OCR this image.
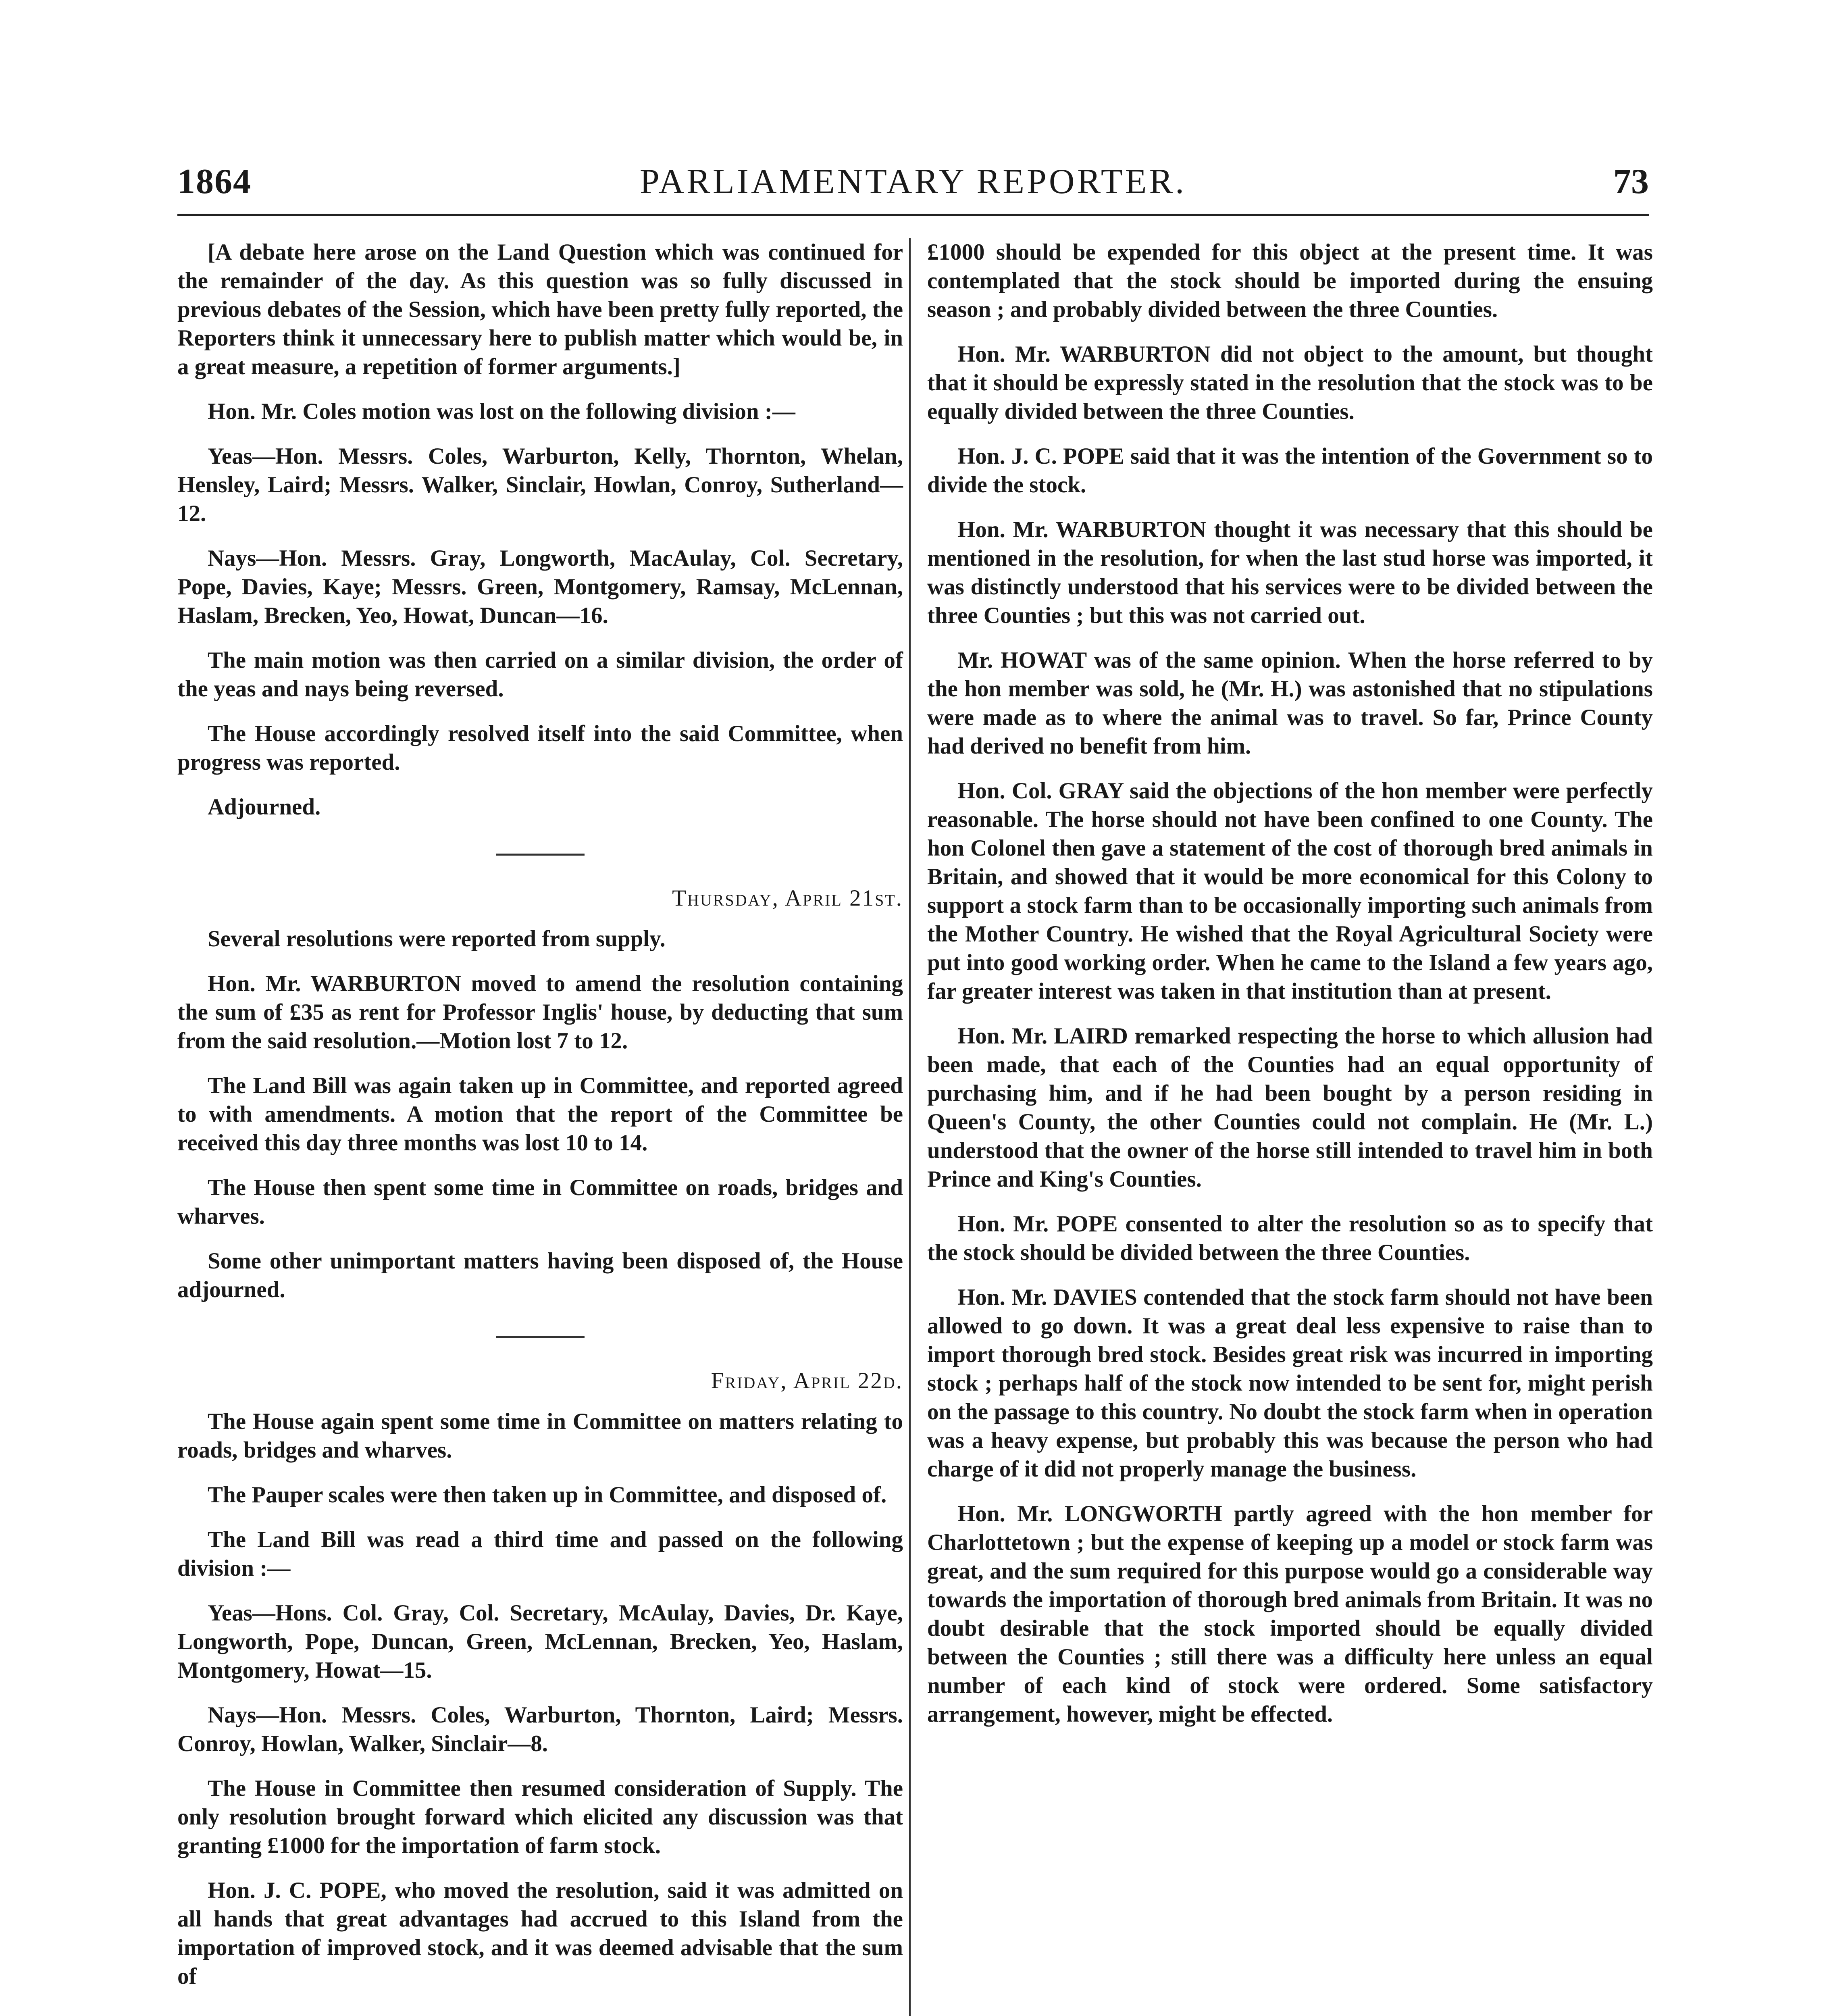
1864	PARLIAMENTARY REPORTER.	73

[A debate here arose on the Land Question which was continued for the remainder of the day. As this question was so fully discussed in previous debates of the Session, which have been pretty fully reported, the Reporters think it unnecessary here to publish matter which would be, in a great measure, a repetition of former arguments.]

Hon. Mr. Coles motion was lost on the following division :—

Yeas—Hon. Messrs. Coles, Warburton, Kelly, Thornton, Whelan, Hensley, Laird; Messrs. Walker, Sinclair, Howlan, Conroy, Sutherland—12.

Nays—Hon. Messrs. Gray, Longworth, MacAulay, Col. Secretary, Pope, Davies, Kaye; Messrs. Green, Montgomery, Ramsay, McLennan, Haslam, Brecken, Yeo, Howat, Duncan—16.

The main motion was then carried on a similar division, the order of the yeas and nays being reversed.

The House accordingly resolved itself into the said Committee, when progress was reported.

Adjourned.

Thursday, April 21st.

Several resolutions were reported from supply.

Hon. Mr. WARBURTON moved to amend the resolution containing the sum of £35 as rent for Professor Inglis' house, by deducting that sum from the said resolution.—Motion lost 7 to 12.

The Land Bill was again taken up in Committee, and reported agreed to with amendments. A motion that the report of the Committee be received this day three months was lost 10 to 14.

The House then spent some time in Committee on roads, bridges and wharves.

Some other unimportant matters having been disposed of, the House adjourned.

Friday, April 22d.

The House again spent some time in Committee on matters relating to roads, bridges and wharves.

The Pauper scales were then taken up in Committee, and disposed of.

The Land Bill was read a third time and passed on the following division :—

Yeas—Hons. Col. Gray, Col. Secretary, McAulay, Davies, Dr. Kaye, Longworth, Pope, Duncan, Green, McLennan, Brecken, Yeo, Haslam, Montgomery, Howat—15.

Nays—Hon. Messrs. Coles, Warburton, Thornton, Laird; Messrs. Conroy, Howlan, Walker, Sinclair—8.

The House in Committee then resumed consideration of Supply. The only resolution brought forward which elicited any discussion was that granting £1000 for the importation of farm stock.

Hon. J. C. POPE, who moved the resolution, said it was admitted on all hands that great advantages had accrued to this Island from the importation of improved stock, and it was deemed advisable that the sum of

£1000 should be expended for this object at the present time. It was contemplated that the stock should be imported during the ensuing season ; and probably divided between the three Counties.

Hon. Mr. WARBURTON did not object to the amount, but thought that it should be expressly stated in the resolution that the stock was to be equally divided between the three Counties.

Hon. J. C. POPE said that it was the intention of the Government so to divide the stock.

Hon. Mr. WARBURTON thought it was necessary that this should be mentioned in the resolution, for when the last stud horse was imported, it was distinctly understood that his services were to be divided between the three Counties ; but this was not carried out.

Mr. HOWAT was of the same opinion. When the horse referred to by the hon member was sold, he (Mr. H.) was astonished that no stipulations were made as to where the animal was to travel. So far, Prince County had derived no benefit from him.

Hon. Col. GRAY said the objections of the hon member were perfectly reasonable. The horse should not have been confined to one County. The hon Colonel then gave a statement of the cost of thorough bred animals in Britain, and showed that it would be more economical for this Colony to support a stock farm than to be occasionally importing such animals from the Mother Country. He wished that the Royal Agricultural Society were put into good working order. When he came to the Island a few years ago, far greater interest was taken in that institution than at present.

Hon. Mr. LAIRD remarked respecting the horse to which allusion had been made, that each of the Counties had an equal opportunity of purchasing him, and if he had been bought by a person residing in Queen's County, the other Counties could not complain. He (Mr. L.) understood that the owner of the horse still intended to travel him in both Prince and King's Counties.

Hon. Mr. POPE consented to alter the resolution so as to specify that the stock should be divided between the three Counties.

Hon. Mr. DAVIES contended that the stock farm should not have been allowed to go down. It was a great deal less expensive to raise than to import thorough bred stock. Besides great risk was incurred in importing stock ; perhaps half of the stock now intended to be sent for, might perish on the passage to this country. No doubt the stock farm when in operation was a heavy expense, but probably this was because the person who had charge of it did not properly manage the business.

Hon. Mr. LONGWORTH partly agreed with the hon member for Charlottetown ; but the expense of keeping up a model or stock farm was great, and the sum required for this purpose would go a considerable way towards the importation of thorough bred animals from Britain. It was no doubt desirable that the stock imported should be equally divided between the Counties ; still there was a difficulty here unless an equal number of each kind of stock were ordered. Some satisfactory arrangement, however, might be effected.
